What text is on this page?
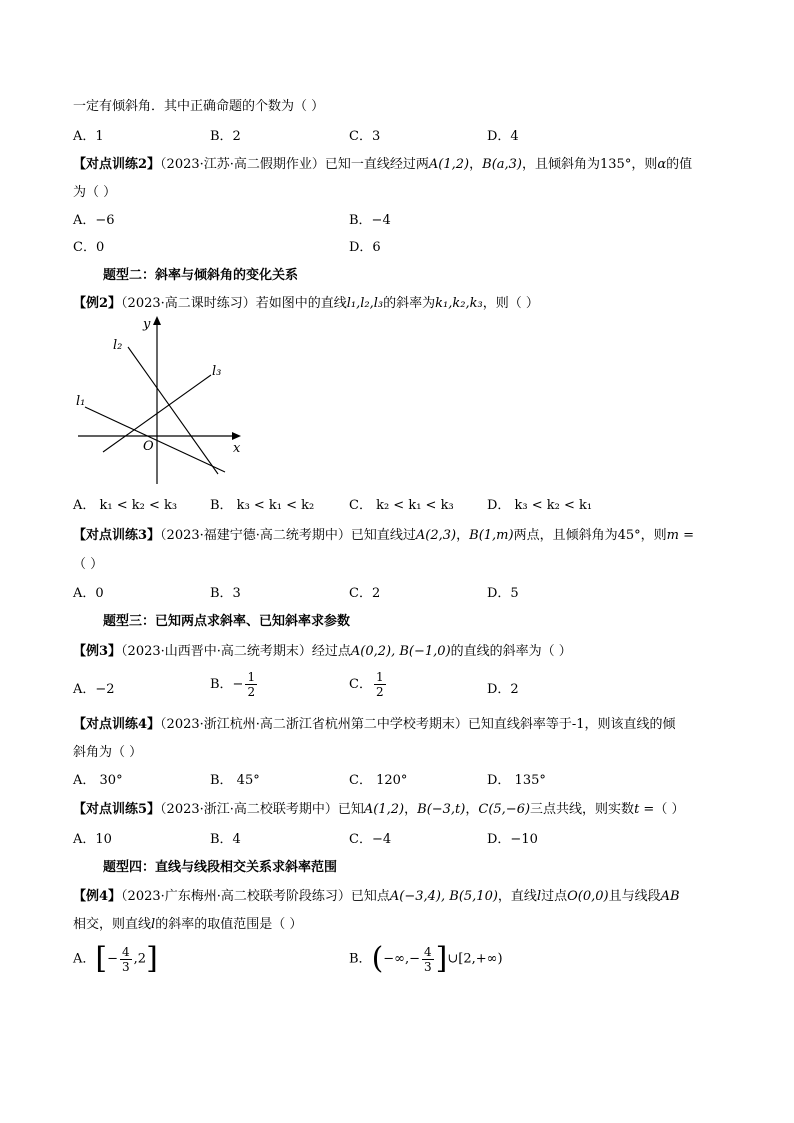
一定有倾斜角．其中正确命题的个数为（ ）
A．1	B．2	C．3	D．4
【对点训练2】（2023·江苏·高二假期作业）已知一直线经过两A(1,2)，B(a,3)，且倾斜角为135°，则α的值
为（ ）
A．−6	B．−4
C．0	D．6
题型二：斜率与倾斜角的变化关系
【例2】（2023·高二课时练习）若如图中的直线l₁,l₂,l₃的斜率为k₁,k₂,k₃，则（ ）
y
x
O
l₁
l₂
l₃
A． k₁ < k₂ < k₃	B． k₃ < k₁ < k₂	C． k₂ < k₁ < k₃	D． k₃ < k₂ < k₁
【对点训练3】（2023·福建宁德·高二统考期中）已知直线过A(2,3)，B(1,m)两点，且倾斜角为45°，则m =
（ ）
A．0	B．3	C．2	D．5
题型三：已知两点求斜率、已知斜率求参数
【例3】（2023·山西晋中·高二统考期末）经过点A(0,2), B(−1,0)的直线的斜率为（ ）
A．−2	B．− $\frac{1}{2}$	C． $\frac{1}{2}$	D．2
【对点训练4】（2023·浙江杭州·高二浙江省杭州第二中学校考期末）已知直线斜率等于-1，则该直线的倾
斜角为（ ）
A． 30°	B． 45°	C． 120°	D． 135°
【对点训练5】（2023·浙江·高二校联考期中）已知A(1,2)，B(−3,t)，C(5,−6)三点共线，则实数t =（ ）
A．10	B．4	C．−4	D．−10
题型四：直线与线段相交关系求斜率范围
【例4】（2023·广东梅州·高二校联考阶段练习）已知点A(−3,4), B(5,10)，直线l过点O(0,0)且与线段AB
相交，则直线l的斜率的取值范围是（ ）
A．[− $\frac{4}{3} ,2$]	B．(−∞,− $\frac{4}{3}$ ]∪[2,+∞)
